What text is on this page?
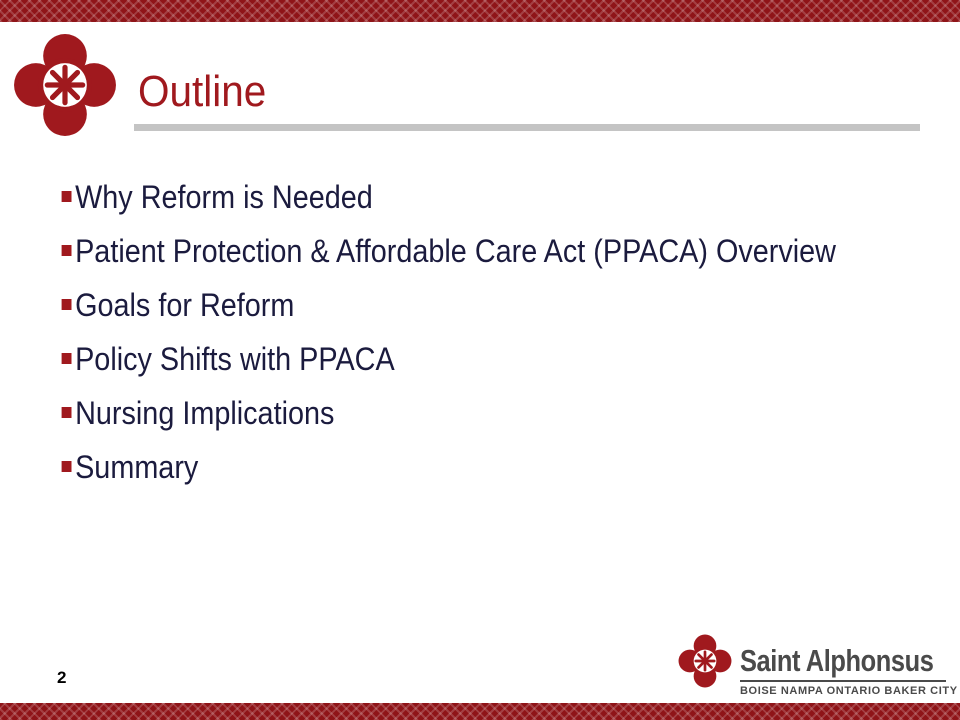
Outline
Why Reform is Needed
Patient Protection & Affordable Care Act (PPACA) Overview
Goals for Reform
Policy Shifts with PPACA
Nursing Implications
Summary
2	Saint Alphonsus
BOISE NAMPA ONTARIO BAKER CITY
